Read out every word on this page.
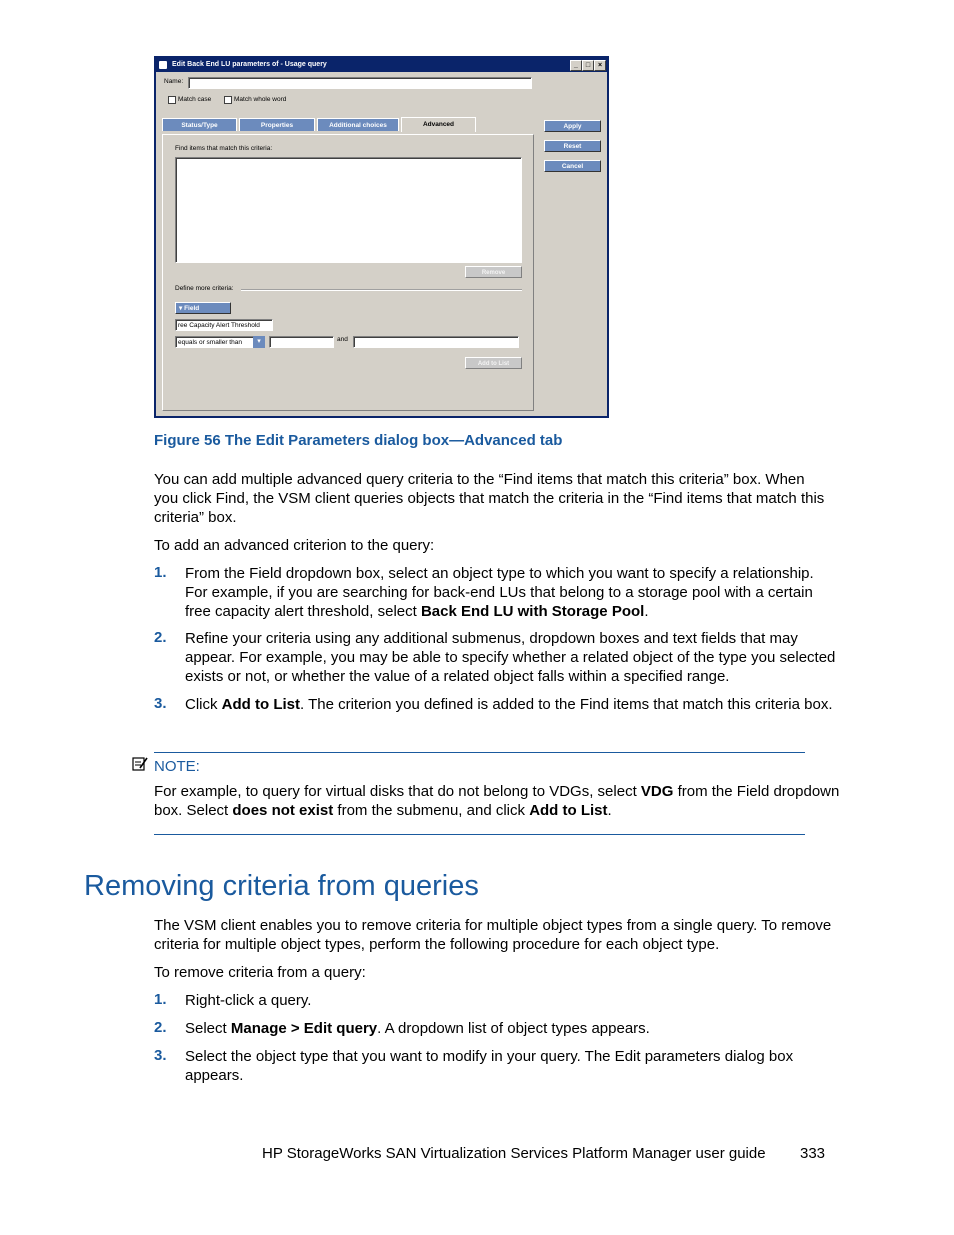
Edit Back End LU parameters of - Usage query	_	□	×
Name:
Match case	Match whole word
Status/Type	Properties	Additional choices	Advanced	Apply
Reset
Cancel
Find items that match this criteria:
Remove
Define more criteria:
▾ Field
ree Capacity Alert Threshold
equals or smaller than	▾	and
Add to List
Figure 56 The Edit Parameters dialog box—Advanced tab
You can add multiple advanced query criteria to the “Find items that match this criteria” box. When
you click Find, the VSM client queries objects that match the criteria in the “Find items that match this
criteria” box.
To add an advanced criterion to the query:
1. From the Field dropdown box, select an object type to which you want to specify a relationship.
For example, if you are searching for back-end LUs that belong to a storage pool with a certain
free capacity alert threshold, select Back End LU with Storage Pool.
2. Refine your criteria using any additional submenus, dropdown boxes and text fields that may
appear. For example, you may be able to specify whether a related object of the type you selected
exists or not, or whether the value of a related object falls within a specified range.
3. Click Add to List. The criterion you defined is added to the Find items that match this criteria box.
NOTE:
For example, to query for virtual disks that do not belong to VDGs, select VDG from the Field dropdown
box. Select does not exist from the submenu, and click Add to List.
Removing criteria from queries
The VSM client enables you to remove criteria for multiple object types from a single query. To remove
criteria for multiple object types, perform the following procedure for each object type.
To remove criteria from a query:
1. Right-click a query.
2. Select Manage > Edit query. A dropdown list of object types appears.
3. Select the object type that you want to modify in your query. The Edit parameters dialog box
appears.
HP StorageWorks SAN Virtualization Services Platform Manager user guide 333
